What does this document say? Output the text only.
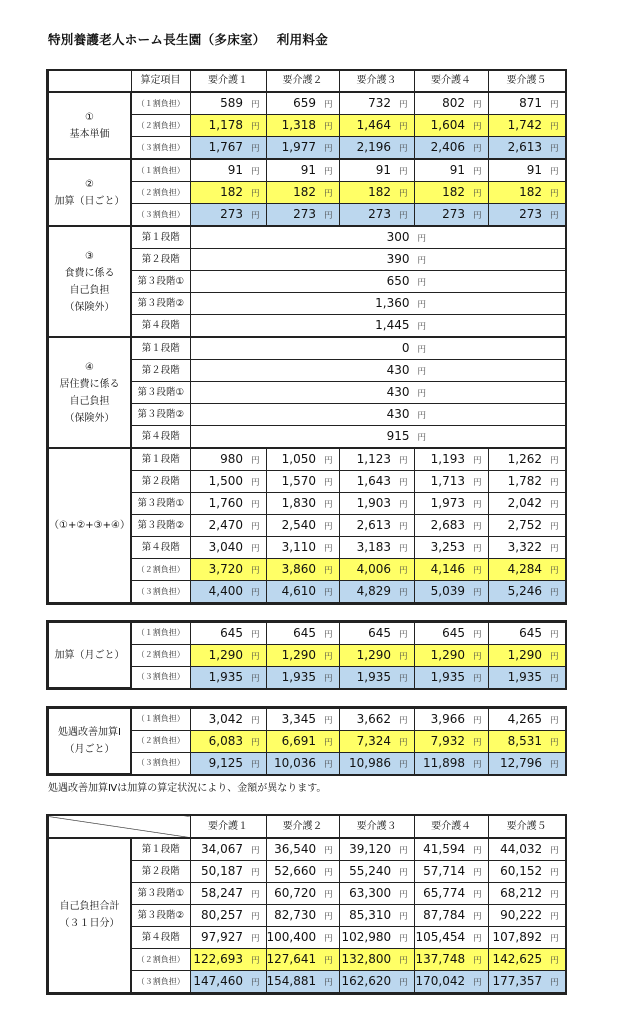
特別養護老人ホーム長生園（多床室）　 利用料金
	算定項目	要介護１	要介護２	要介護３	要介護４	要介護５

①
基本単価	（１割負担）	589 円	659 円	732 円	802 円	871 円
	（２割負担）	1,178 円	1,318 円	1,464 円	1,604 円	1,742 円
	（３割負担）	1,767 円	1,977 円	2,196 円	2,406 円	2,613 円

②
加算（日ごと）	（１割負担）	91 円	91 円	91 円	91 円	91 円
	（２割負担）	182 円	182 円	182 円	182 円	182 円
	（３割負担）	273 円	273 円	273 円	273 円	273 円

③
食費に係る
自己負担
（保険外）	第１段階	300 円				
	第２段階	390 円				
	第３段階①	650 円				
	第３段階②	1,360 円				
	第４段階	1,445 円				

④
居住費に係る
自己負担
（保険外）	第１段階	0 円				
	第２段階	430 円				
	第３段階①	430 円				
	第３段階②	430 円				
	第４段階	915 円				

（①+②+③+④）	第１段階	980 円	1,050 円	1,123 円	1,193 円	1,262 円
	第２段階	1,500 円	1,570 円	1,643 円	1,713 円	1,782 円
	第３段階①	1,760 円	1,830 円	1,903 円	1,973 円	2,042 円
	第３段階②	2,470 円	2,540 円	2,613 円	2,683 円	2,752 円
	第４段階	3,040 円	3,110 円	3,183 円	3,253 円	3,322 円
	（２割負担）	3,720 円	3,860 円	4,006 円	4,146 円	4,284 円
	（３割負担）	4,400 円	4,610 円	4,829 円	5,039 円	5,246 円
加算（月ごと）	（１割負担）	645 円	645 円	645 円	645 円	645 円
	（２割負担）	1,290 円	1,290 円	1,290 円	1,290 円	1,290 円
	（３割負担）	1,935 円	1,935 円	1,935 円	1,935 円	1,935 円
処遇改善加算Ⅰ
（月ごと）	（１割負担）	3,042 円	3,345 円	3,662 円	3,966 円	4,265 円
	（２割負担）	6,083 円	6,691 円	7,324 円	7,932 円	8,531 円
	（３割負担）	9,125 円	10,036 円	10,986 円	11,898 円	12,796 円
処遇改善加算Ⅳは加算の算定状況により、金額が異なります。
		要介護１	要介護２	要介護３	要介護４	要介護５

自己負担合計
（３１日分）	第１段階	34,067 円	36,540 円	39,120 円	41,594 円	44,032 円
	第２段階	50,187 円	52,660 円	55,240 円	57,714 円	60,152 円
	第３段階①	58,247 円	60,720 円	63,300 円	65,774 円	68,212 円
	第３段階②	80,257 円	82,730 円	85,310 円	87,784 円	90,222 円
	第４段階	97,927 円	100,400 円	102,980 円	105,454 円	107,892 円
	（２割負担）	122,693 円	127,641 円	132,800 円	137,748 円	142,625 円
	（３割負担）	147,460 円	154,881 円	162,620 円	170,042 円	177,357 円
